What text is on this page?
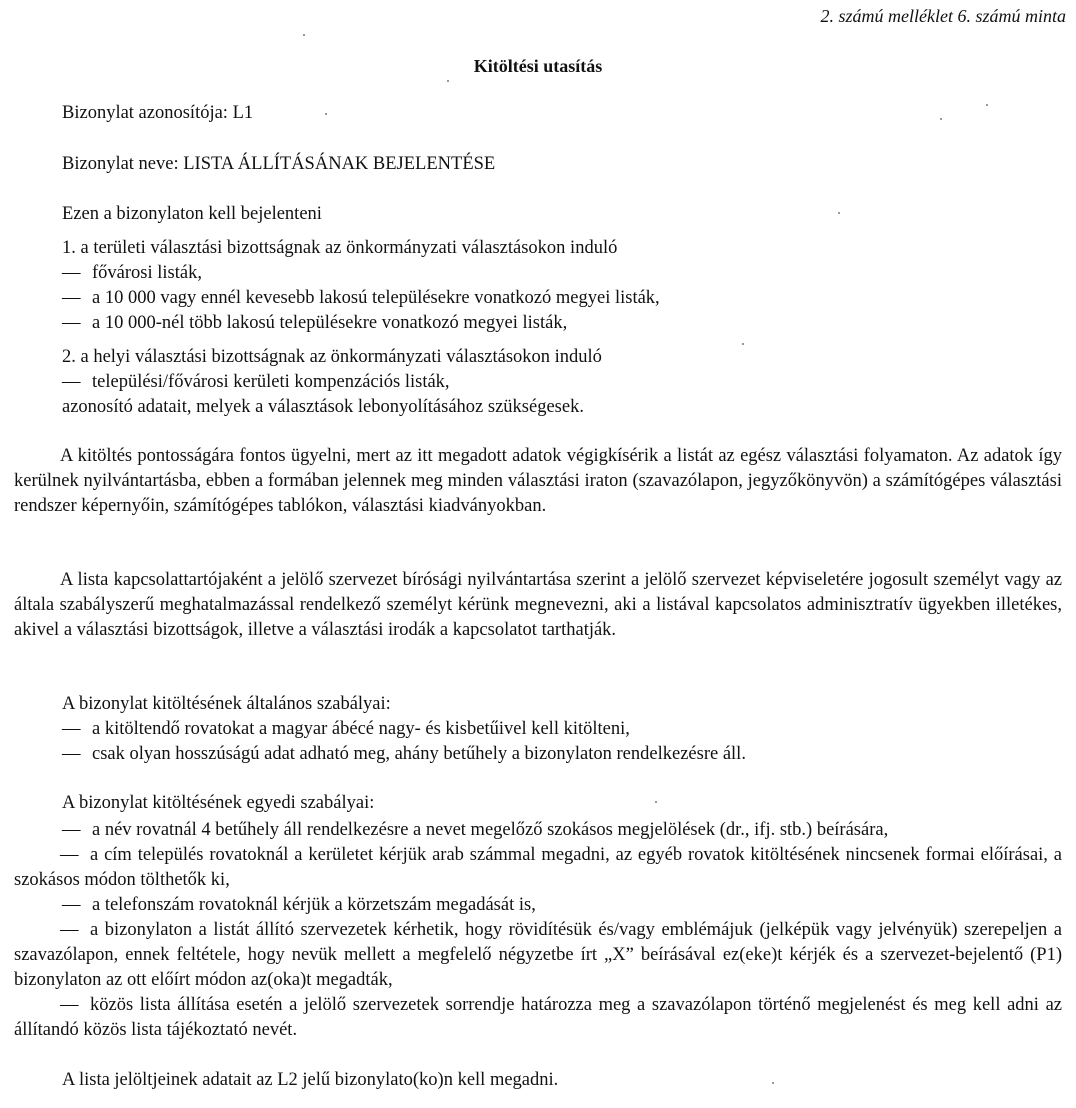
2. számú melléklet 6. számú minta
Kitöltési utasítás
Bizonylat azonosítója: L1
Bizonylat neve: LISTA ÁLLÍTÁSÁNAK BEJELENTÉSE
Ezen a bizonylaton kell bejelenteni
1. a területi választási bizottságnak az önkormányzati választásokon induló
— fővárosi listák,
— a 10 000 vagy ennél kevesebb lakosú településekre vonatkozó megyei listák,
— a 10 000-nél több lakosú településekre vonatkozó megyei listák,
2. a helyi választási bizottságnak az önkormányzati választásokon induló
— települési/fővárosi kerületi kompenzációs listák,
azonosító adatait, melyek a választások lebonyolításához szükségesek.

A kitöltés pontosságára fontos ügyelni, mert az itt megadott adatok végigkísérik a listát az egész választási folyamaton. Az adatok így kerülnek nyilvántartásba, ebben a formában jelennek meg minden választási iraton (szavazólapon, jegyzőkönyvön) a számítógépes választási rendszer képernyőin, számítógépes tablókon, választási kiadványokban.

A lista kapcsolattartójaként a jelölő szervezet bírósági nyilvántartása szerint a jelölő szervezet képviseletére jogosult személyt vagy az általa szabályszerű meghatalmazással rendelkező személyt kérünk megnevezni, aki a listával kapcsolatos adminisztratív ügyekben illetékes, akivel a választási bizottságok, illetve a választási irodák a kapcsolatot tarthatják.

A bizonylat kitöltésének általános szabályai:
— a kitöltendő rovatokat a magyar ábécé nagy- és kisbetűivel kell kitölteni,
— csak olyan hosszúságú adat adható meg, ahány betűhely a bizonylaton rendelkezésre áll.
A bizonylat kitöltésének egyedi szabályai:
— a név rovatnál 4 betűhely áll rendelkezésre a nevet megelőző szokásos megjelölések (dr., ifj. stb.) beírására,
— a cím település rovatoknál a kerületet kérjük arab számmal megadni, az egyéb rovatok kitöltésének nincsenek formai előírásai, a szokásos módon tölthetők ki,
— a telefonszám rovatoknál kérjük a körzetszám megadását is,
— a bizonylaton a listát állító szervezetek kérhetik, hogy rövidítésük és/vagy emblémájuk (jelképük vagy jelvényük) szerepeljen a szavazólapon, ennek feltétele, hogy nevük mellett a megfelelő négyzetbe írt „X” beírásával ez(eke)t kérjék és a szervezet-bejelentő (P1) bizonylaton az ott előírt módon az(oka)t megadták,
— közös lista állítása esetén a jelölő szervezetek sorrendje határozza meg a szavazólapon történő megjelenést és meg kell adni az állítandó közös lista tájékoztató nevét.
A lista jelöltjeinek adatait az L2 jelű bizonylato(ko)n kell megadni.
